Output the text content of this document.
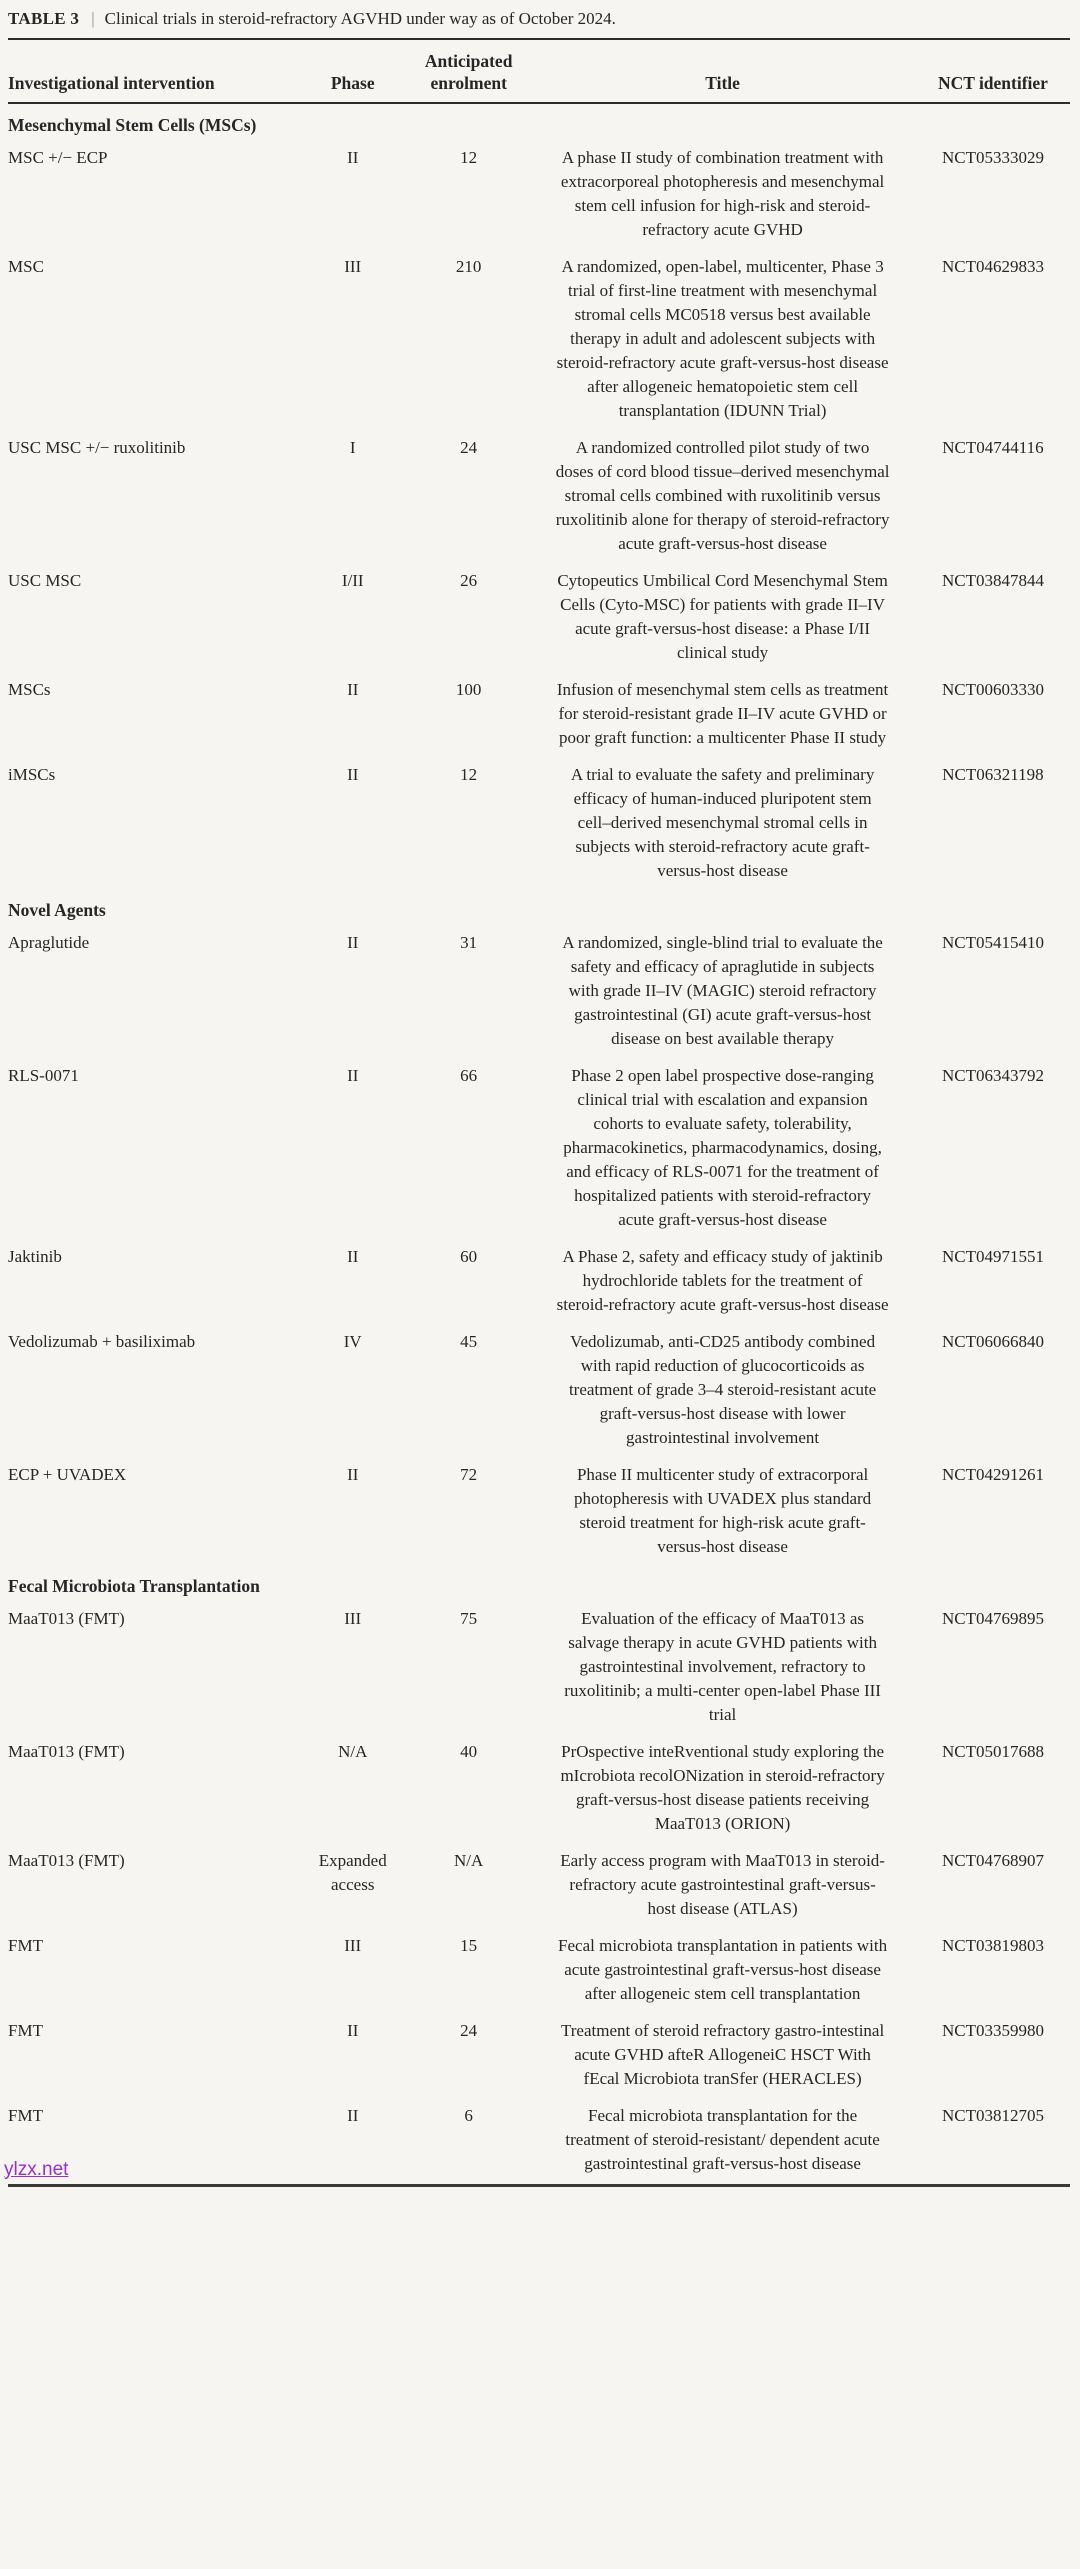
TABLE 3 | Clinical trials in steroid-refractory AGVHD under way as of October 2024.
Investigational intervention	Phase	Anticipated enrolment	Title	NCT identifier
Mesenchymal Stem Cells (MSCs)				
MSC +/− ECP	II	12	A phase II study of combination treatment with extracorporeal photopheresis and mesenchymal stem cell infusion for high-risk and steroid-refractory acute GVHD	NCT05333029
MSC	III	210	A randomized, open-label, multicenter, Phase 3 trial of first-line treatment with mesenchymal stromal cells MC0518 versus best available therapy in adult and adolescent subjects with steroid-refractory acute graft-versus-host disease after allogeneic hematopoietic stem cell transplantation (IDUNN Trial)	NCT04629833
USC MSC +/− ruxolitinib	I	24	A randomized controlled pilot study of two doses of cord blood tissue–derived mesenchymal stromal cells combined with ruxolitinib versus ruxolitinib alone for therapy of steroid-refractory acute graft-versus-host disease	NCT04744116
USC MSC	I/II	26	Cytopeutics Umbilical Cord Mesenchymal Stem Cells (Cyto-MSC) for patients with grade II–IV acute graft-versus-host disease: a Phase I/II clinical study	NCT03847844
MSCs	II	100	Infusion of mesenchymal stem cells as treatment for steroid-resistant grade II–IV acute GVHD or poor graft function: a multicenter Phase II study	NCT00603330
iMSCs	II	12	A trial to evaluate the safety and preliminary efficacy of human-induced pluripotent stem cell–derived mesenchymal stromal cells in subjects with steroid-refractory acute graft-versus-host disease	NCT06321198
Novel Agents				
Apraglutide	II	31	A randomized, single-blind trial to evaluate the safety and efficacy of apraglutide in subjects with grade II–IV (MAGIC) steroid refractory gastrointestinal (GI) acute graft-versus-host disease on best available therapy	NCT05415410
RLS-0071	II	66	Phase 2 open label prospective dose-ranging clinical trial with escalation and expansion cohorts to evaluate safety, tolerability, pharmacokinetics, pharmacodynamics, dosing, and efficacy of RLS-0071 for the treatment of hospitalized patients with steroid-refractory acute graft-versus-host disease	NCT06343792
Jaktinib	II	60	A Phase 2, safety and efficacy study of jaktinib hydrochloride tablets for the treatment of steroid-refractory acute graft-versus-host disease	NCT04971551
Vedolizumab + basiliximab	IV	45	Vedolizumab, anti-CD25 antibody combined with rapid reduction of glucocorticoids as treatment of grade 3–4 steroid-resistant acute graft-versus-host disease with lower gastrointestinal involvement	NCT06066840
ECP + UVADEX	II	72	Phase II multicenter study of extracorporal photopheresis with UVADEX plus standard steroid treatment for high-risk acute graft-versus-host disease	NCT04291261
Fecal Microbiota Transplantation				
MaaT013 (FMT)	III	75	Evaluation of the efficacy of MaaT013 as salvage therapy in acute GVHD patients with gastrointestinal involvement, refractory to ruxolitinib; a multi-center open-label Phase III trial	NCT04769895
MaaT013 (FMT)	N/A	40	PrOspective inteRventional study exploring the mIcrobiota recolONization in steroid-refractory graft-versus-host disease patients receiving MaaT013 (ORION)	NCT05017688
MaaT013 (FMT)	Expanded access	N/A	Early access program with MaaT013 in steroid-refractory acute gastrointestinal graft-versus-host disease (ATLAS)	NCT04768907
FMT	III	15	Fecal microbiota transplantation in patients with acute gastrointestinal graft-versus-host disease after allogeneic stem cell transplantation	NCT03819803
FMT	II	24	Treatment of steroid refractory gastro-intestinal acute GVHD afteR AllogeneiC HSCT With fEcal Microbiota tranSfer (HERACLES)	NCT03359980
FMT	II	6	Fecal microbiota transplantation for the treatment of steroid-resistant/ dependent acute gastrointestinal graft-versus-host disease	NCT03812705
ylzx.net
